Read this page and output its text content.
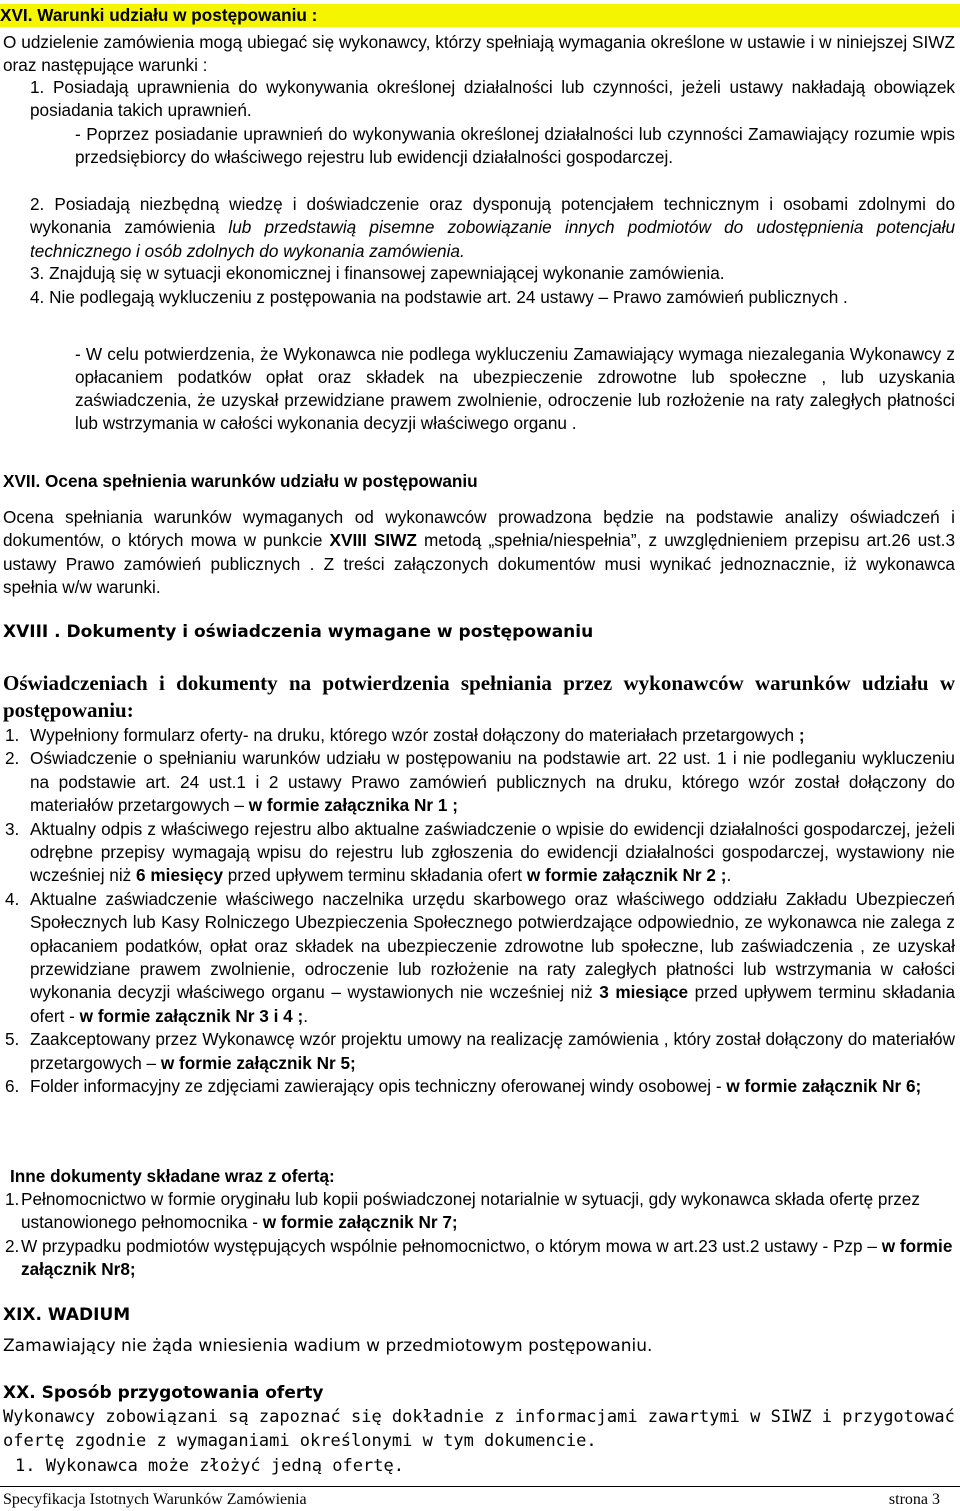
XVI. Warunki udziału w postępowaniu :
O udzielenie zamówienia mogą ubiegać się wykonawcy, którzy spełniają wymagania określone w ustawie i w niniejszej SIWZ oraz następujące warunki :
1. Posiadają uprawnienia do wykonywania określonej działalności lub czynności, jeżeli ustawy nakładają obowiązek posiadania takich uprawnień.
- Poprzez posiadanie uprawnień do wykonywania określonej działalności lub czynności Zamawiający rozumie wpis przedsiębiorcy do właściwego rejestru lub ewidencji działalności gospodarczej.
2. Posiadają niezbędną wiedzę i doświadczenie oraz dysponują potencjałem technicznym i osobami zdolnymi do wykonania zamówienia lub przedstawią pisemne zobowiązanie innych podmiotów do udostępnienia potencjału technicznego i osób zdolnych do wykonania zamówienia.
3. Znajdują się w sytuacji ekonomicznej i finansowej zapewniającej wykonanie zamówienia.
4. Nie podlegają wykluczeniu z postępowania na podstawie art. 24 ustawy – Prawo zamówień publicznych .
- W celu potwierdzenia, że Wykonawca nie podlega wykluczeniu Zamawiający wymaga niezalegania Wykonawcy z opłacaniem podatków opłat oraz składek na ubezpieczenie zdrowotne lub społeczne , lub uzyskania zaświadczenia, że uzyskał przewidziane prawem zwolnienie, odroczenie lub rozłożenie na raty zaległych płatności lub wstrzymania w całości wykonania decyzji właściwego organu .
XVII. Ocena spełnienia warunków udziału w postępowaniu
Ocena spełniania warunków wymaganych od wykonawców prowadzona będzie na podstawie analizy oświadczeń i dokumentów, o których mowa w punkcie XVIII SIWZ metodą „spełnia/niespełnia”, z uwzględnieniem przepisu art.26 ust.3 ustawy Prawo zamówień publicznych . Z treści załączonych dokumentów musi wynikać jednoznacznie, iż wykonawca spełnia w/w warunki.
XVIII . Dokumenty i oświadczenia wymagane w postępowaniu
Oświadczeniach i dokumenty na potwierdzenia spełniania przez wykonawców warunków udziału w postępowaniu:
1. Wypełniony formularz oferty- na druku, którego wzór został dołączony do materiałach przetargowych ;
2. Oświadczenie o spełnianiu warunków udziału w postępowaniu na podstawie art. 22 ust. 1 i nie podleganiu wykluczeniu na podstawie art. 24 ust.1 i 2 ustawy Prawo zamówień publicznych na druku, którego wzór został dołączony do materiałów przetargowych – w formie załącznika Nr 1 ;
3. Aktualny odpis z właściwego rejestru albo aktualne zaświadczenie o wpisie do ewidencji działalności gospodarczej, jeżeli odrębne przepisy wymagają wpisu do rejestru lub zgłoszenia do ewidencji działalności gospodarczej, wystawiony nie wcześniej niż 6 miesięcy przed upływem terminu składania ofert w formie załącznik Nr 2 ;.
4. Aktualne zaświadczenie właściwego naczelnika urzędu skarbowego oraz właściwego oddziału Zakładu Ubezpieczeń Społecznych lub Kasy Rolniczego Ubezpieczenia Społecznego potwierdzające odpowiednio, ze wykonawca nie zalega z opłacaniem podatków, opłat oraz składek na ubezpieczenie zdrowotne lub społeczne, lub zaświadczenia , ze uzyskał przewidziane prawem zwolnienie, odroczenie lub rozłożenie na raty zaległych płatności lub wstrzymania w całości wykonania decyzji właściwego organu – wystawionych nie wcześniej niż 3 miesiące przed upływem terminu składania ofert - w formie załącznik Nr 3 i 4 ;.
5. Zaakceptowany przez Wykonawcę wzór projektu umowy na realizację zamówienia , który został dołączony do materiałów przetargowych – w formie załącznik Nr 5;
6. Folder informacyjny ze zdjęciami zawierający opis techniczny oferowanej windy osobowej - w formie załącznik Nr 6;
Inne dokumenty składane wraz z ofertą:
1. Pełnomocnictwo w formie oryginału lub kopii poświadczonej notarialnie w sytuacji, gdy wykonawca składa ofertę przez ustanowionego pełnomocnika - w formie załącznik Nr 7;
2. W przypadku podmiotów występujących wspólnie pełnomocnictwo, o którym mowa w art.23 ust.2 ustawy - Pzp – w formie załącznik Nr8;
XIX. WADIUM
Zamawiający nie żąda wniesienia wadium w przedmiotowym postępowaniu.
XX. Sposób przygotowania oferty
Wykonawcy zobowiązani są zapoznać się dokładnie z informacjami zawartymi w SIWZ i przygotować ofertę zgodnie z wymaganiami określonymi w tym dokumencie.
1. Wykonawca może złożyć jedną ofertę.
Specyfikacja Istotnych Warunków Zamówienia	strona 3
